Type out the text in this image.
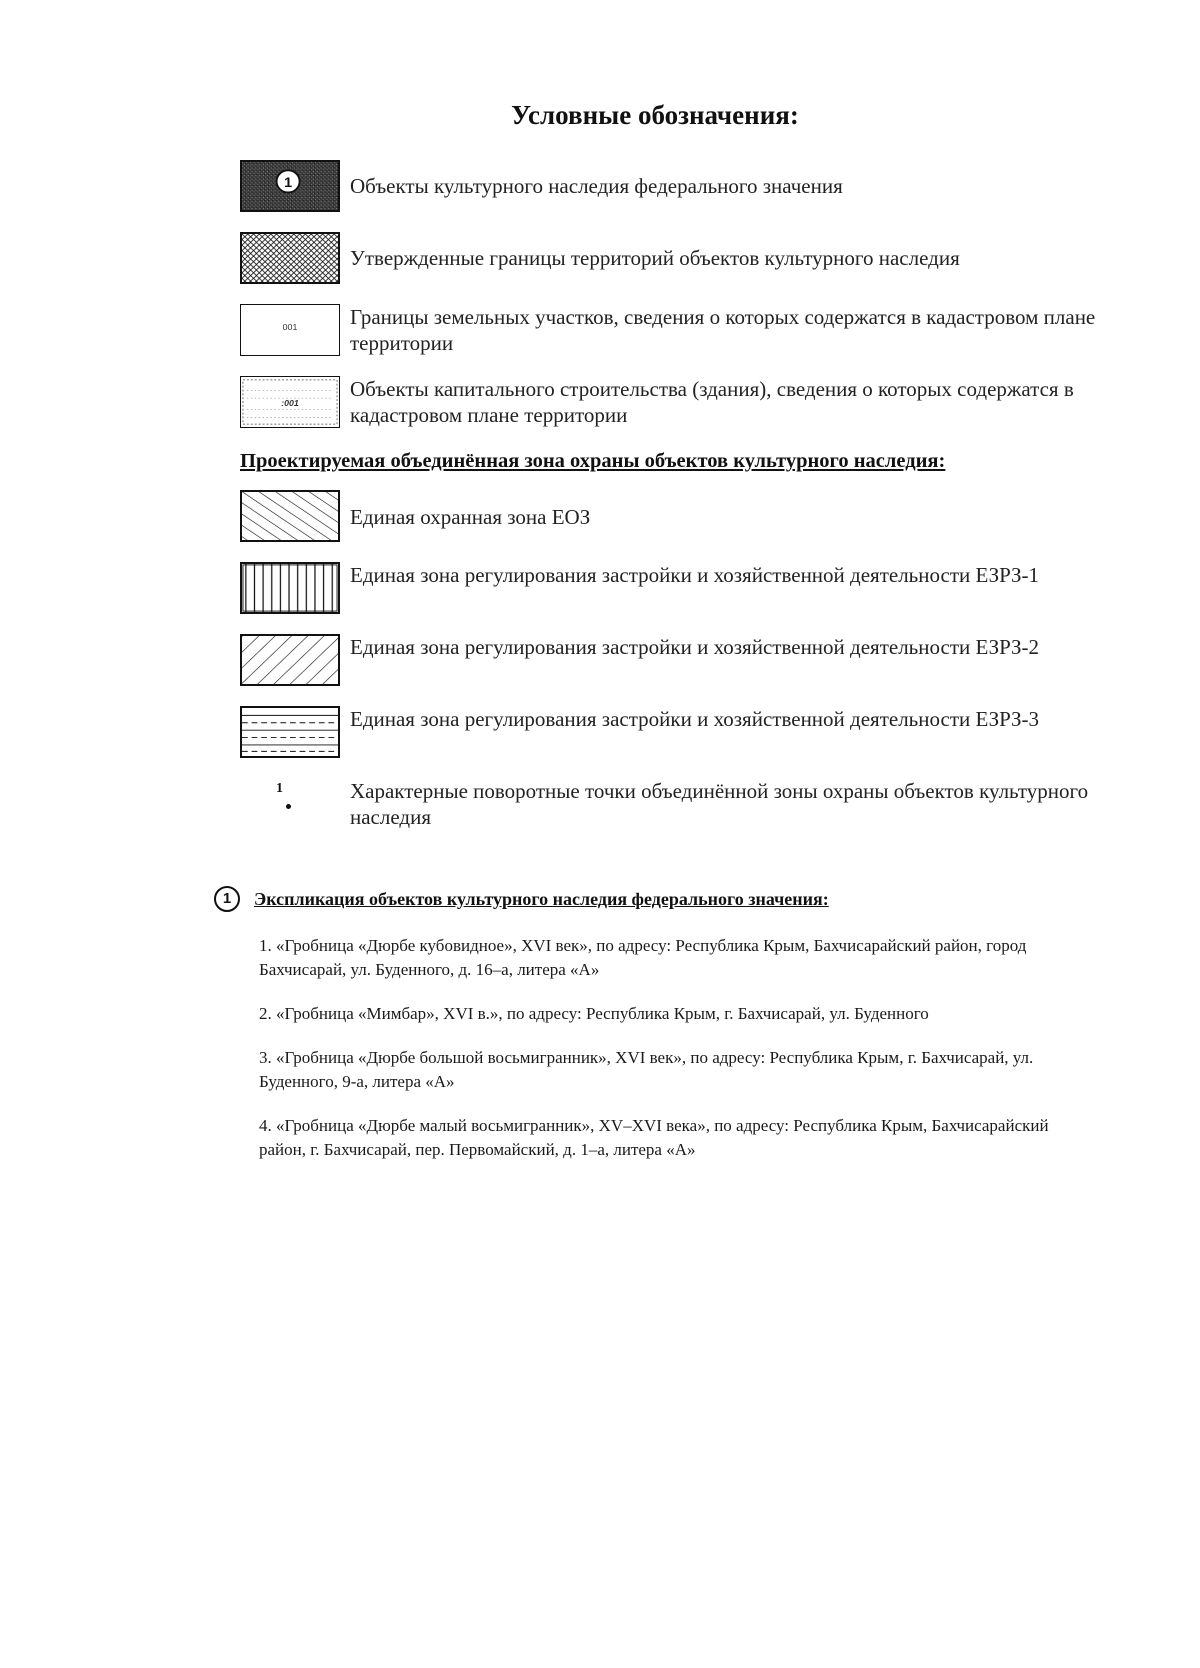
Условные обозначения:
1	Объекты культурного наследия федерального значения
Утвержденные границы территорий объектов культурного наследия
001	Границы земельных участков, сведения о которых содержатся в кадастровом плане территории
:001
Объекты капитального строительства (здания), сведения о которых содержатся в кадастровом плане территории
Проектируемая объединённая зона охраны объектов культурного наследия:
Единая охранная зона ЕОЗ
Единая зона регулирования застройки и хозяйственной деятельности ЕЗРЗ-1
Единая зона регулирования застройки и хозяйственной деятельности ЕЗРЗ-2
Единая зона регулирования застройки и хозяйственной деятельности ЕЗРЗ-3
1	Характерные поворотные точки объединённой зоны охраны объектов культурного наследия
1	Экспликация объектов культурного наследия федерального значения:
1. «Гробница «Дюрбе кубовидное», XVI век», по адресу: Республика Крым, Бахчисарайский район, город Бахчисарай, ул. Буденного, д. 16–а, литера «А»
2. «Гробница «Мимбар», XVI в.», по адресу: Республика Крым, г. Бахчисарай, ул. Буденного
3. «Гробница «Дюрбе большой восьмигранник», XVI век», по адресу: Республика Крым, г. Бахчисарай, ул. Буденного, 9-а, литера «А»
4. «Гробница «Дюрбе малый восьмигранник», XV–XVI века», по адресу: Республика Крым, Бахчисарайский район, г. Бахчисарай, пер. Первомайский, д. 1–а, литера «А»
